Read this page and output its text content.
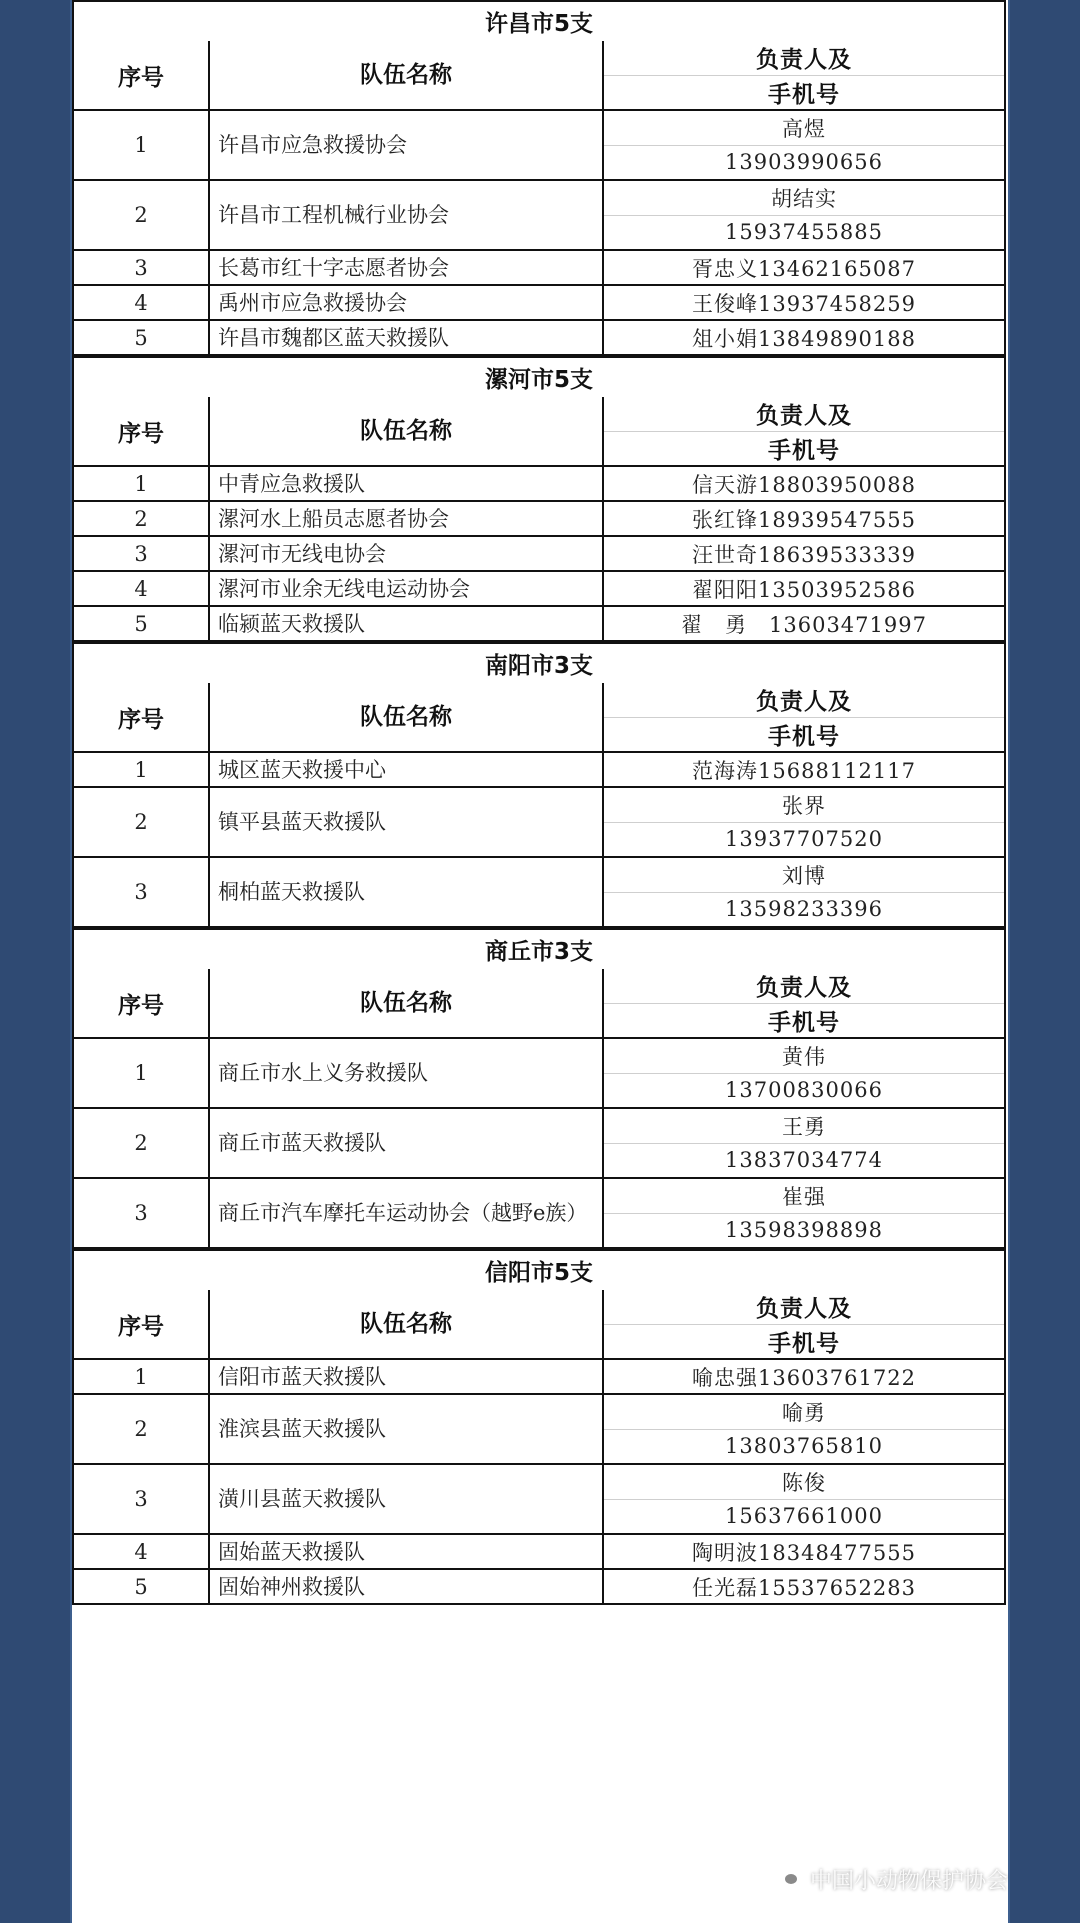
许昌市5支
序号	队伍名称
负责人及
手机号
1	许昌市应急救援协会
高煜
13903990656
2	许昌市工程机械行业协会
胡结实
15937455885
3	长葛市红十字志愿者协会	胥忠义13462165087
4	禹州市应急救援协会	王俊峰13937458259
5	许昌市魏都区蓝天救援队	俎小娟13849890188
漯河市5支
序号	队伍名称
负责人及
手机号
1	中青应急救援队	信天游18803950088
2	漯河水上船员志愿者协会	张红锋18939547555
3	漯河市无线电协会	汪世奇18639533339
4	漯河市业余无线电运动协会	翟阳阳13503952586
5	临颍蓝天救援队	翟　勇　13603471997
南阳市3支
序号	队伍名称
负责人及
手机号
1	城区蓝天救援中心	范海涛15688112117
2	镇平县蓝天救援队
张界
13937707520
3	桐柏蓝天救援队
刘博
13598233396
商丘市3支
序号	队伍名称
负责人及
手机号
1	商丘市水上义务救援队
黄伟
13700830066
2	商丘市蓝天救援队
王勇
13837034774
3	商丘市汽车摩托车运动协会（越野e族）
崔强
13598398898
信阳市5支
序号	队伍名称
负责人及
手机号
1	信阳市蓝天救援队	喻忠强13603761722
2	淮滨县蓝天救援队
喻勇
13803765810
3	潢川县蓝天救援队
陈俊
15637661000
4	固始蓝天救援队	陶明波18348477555
5	固始神州救援队	任光磊15537652283
中国小动物保护协会
